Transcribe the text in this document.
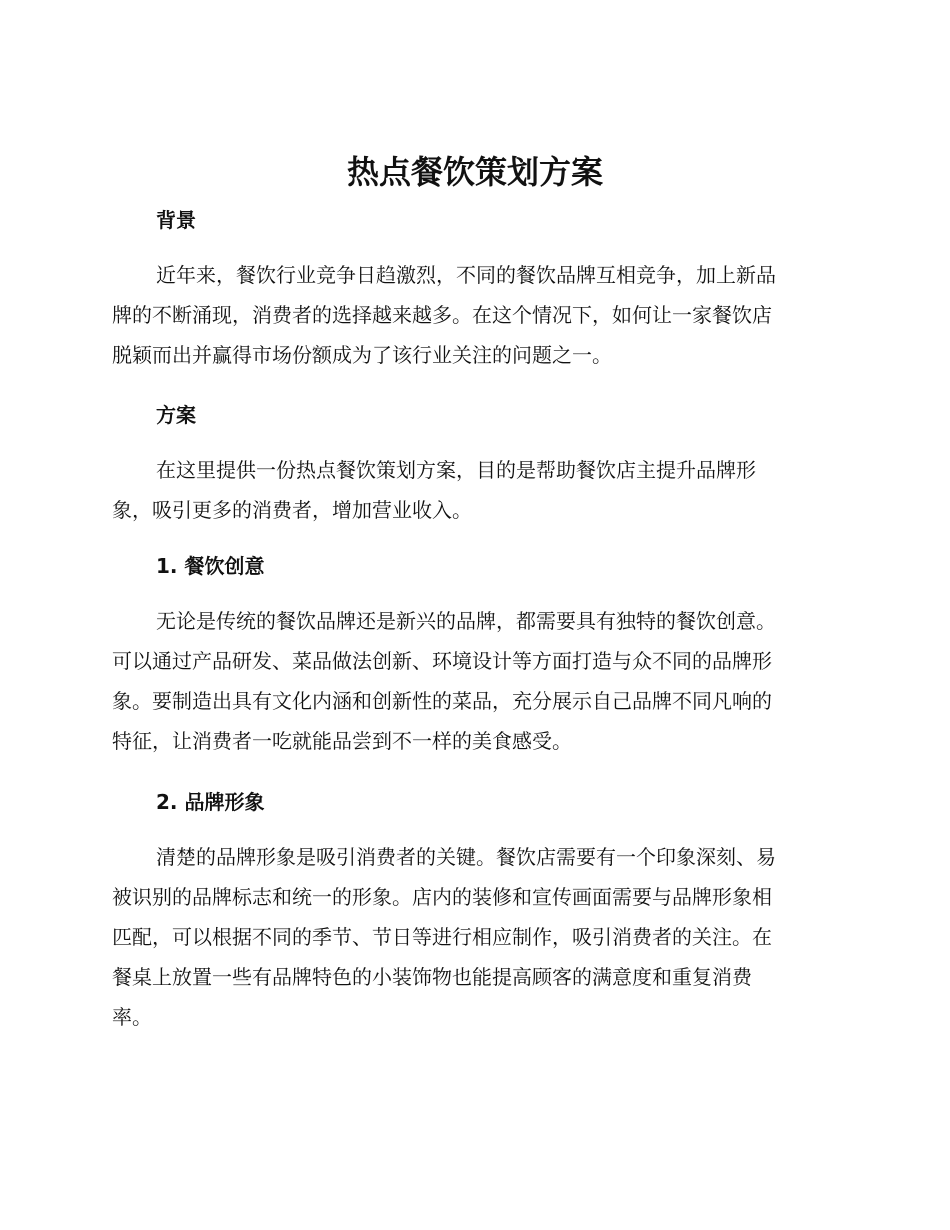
热点餐饮策划方案
背景
近年来，餐饮行业竞争日趋激烈，不同的餐饮品牌互相竞争，加上新品
牌的不断涌现，消费者的选择越来越多。在这个情况下，如何让一家餐饮店
脱颖而出并赢得市场份额成为了该行业关注的问题之一。
方案
在这里提供一份热点餐饮策划方案，目的是帮助餐饮店主提升品牌形
象，吸引更多的消费者，增加营业收入。
1. 餐饮创意
无论是传统的餐饮品牌还是新兴的品牌，都需要具有独特的餐饮创意。
可以通过产品研发、菜品做法创新、环境设计等方面打造与众不同的品牌形
象。要制造出具有文化内涵和创新性的菜品，充分展示自己品牌不同凡响的
特征，让消费者一吃就能品尝到不一样的美食感受。
2. 品牌形象
清楚的品牌形象是吸引消费者的关键。餐饮店需要有一个印象深刻、易
被识别的品牌标志和统一的形象。店内的装修和宣传画面需要与品牌形象相
匹配，可以根据不同的季节、节日等进行相应制作，吸引消费者的关注。在
餐桌上放置一些有品牌特色的小装饰物也能提高顾客的满意度和重复消费
率。
